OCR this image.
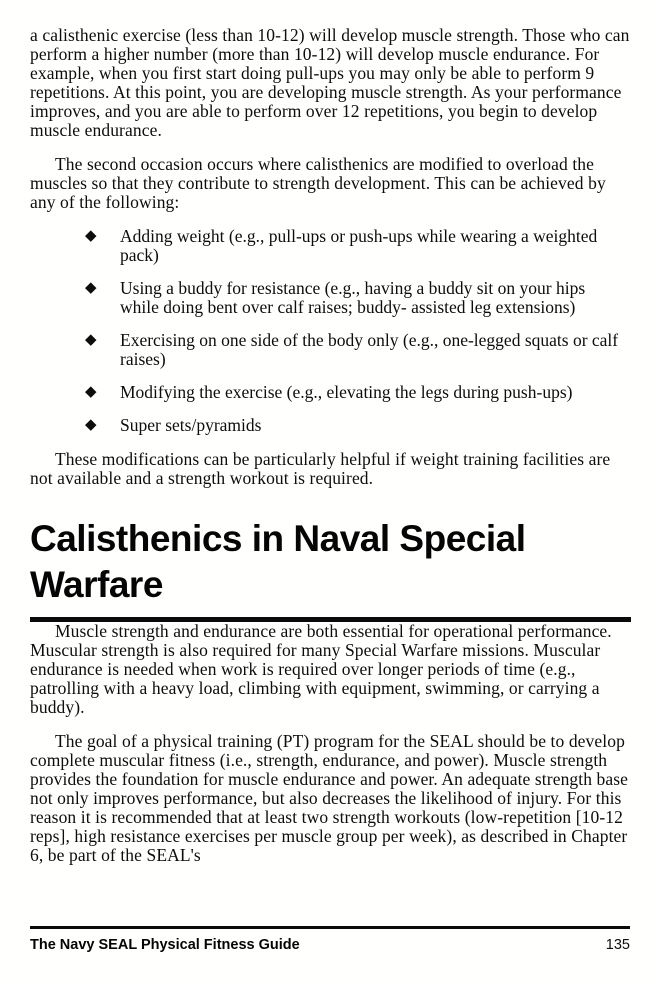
a calisthenic exercise (less than 10-12) will develop muscle strength. Those who can perform a higher number (more than 10-12) will develop muscle endurance. For example, when you first start doing pull-ups you may only be able to perform 9 repetitions. At this point, you are developing muscle strength. As your performance improves, and you are able to perform over 12 repetitions, you begin to develop muscle endurance.

The second occasion occurs where calisthenics are modified to overload the muscles so that they contribute to strength development. This can be achieved by any of the following:

◆	Adding weight (e.g., pull-ups or push-ups while wearing a weighted pack)
◆	Using a buddy for resistance (e.g., having a buddy sit on your hips while doing bent over calf raises; buddy- assisted leg extensions)
◆	Exercising on one side of the body only (e.g., one-legged squats or calf raises)
◆	Modifying the exercise (e.g., elevating the legs during push-ups)
◆	Super sets/pyramids

These modifications can be particularly helpful if weight training facilities are not available and a strength workout is required.

Calisthenics in Naval Special Warfare

Muscle strength and endurance are both essential for operational performance. Muscular strength is also required for many Special Warfare missions. Muscular endurance is needed when work is required over longer periods of time (e.g., patrolling with a heavy load, climbing with equipment, swimming, or carrying a buddy).

The goal of a physical training (PT) program for the SEAL should be to develop complete muscular fitness (i.e., strength, endurance, and power). Muscle strength provides the foundation for muscle endurance and power. An adequate strength base not only improves performance, but also decreases the likelihood of injury. For this reason it is recommended that at least two strength workouts (low-repetition [10-12 reps], high resistance exercises per muscle group per week), as described in Chapter 6, be part of the SEAL's

The Navy SEAL Physical Fitness Guide	135
